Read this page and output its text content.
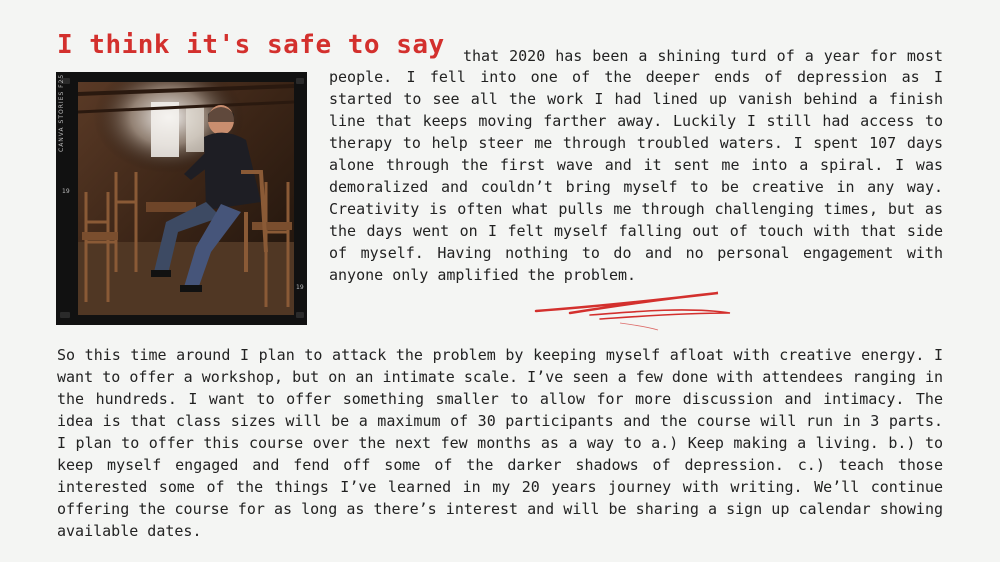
I think it's safe to say that 2020 has been a shining turd of a year for most

people. I fell into one of the deeper ends of depression as I started to see all the work I had lined up vanish behind a finish line that keeps moving farther away. Luckily I still had access to therapy to help steer me through troubled waters. I spent 107 days alone through the first wave and it sent me into a spiral. I was demoralized and couldn’t bring myself to be creative in any way. Creativity is often what pulls me through challenging times, but as the days went on I felt myself falling out of touch with that side of myself. Having nothing to do and no personal engagement with anyone only amplified the problem.

CANVA STORIES F25
19
19

So this time around I plan to attack the problem by keeping myself afloat with creative energy. I want to offer a workshop, but on an intimate scale. I’ve seen a few done with attendees ranging in the hundreds. I want to offer something smaller to allow for more discussion and intimacy. The idea is that class sizes will be a maximum of 30 participants and the course will run in 3 parts. I plan to offer this course over the next few months as a way to a.) Keep making a living. b.) to keep myself engaged and fend off some of the darker shadows of depression. c.) teach those interested some of the things I’ve learned in my 20 years journey with writing. We’ll continue offering the course for as long as there’s interest and will be sharing a sign up calendar showing available dates.
